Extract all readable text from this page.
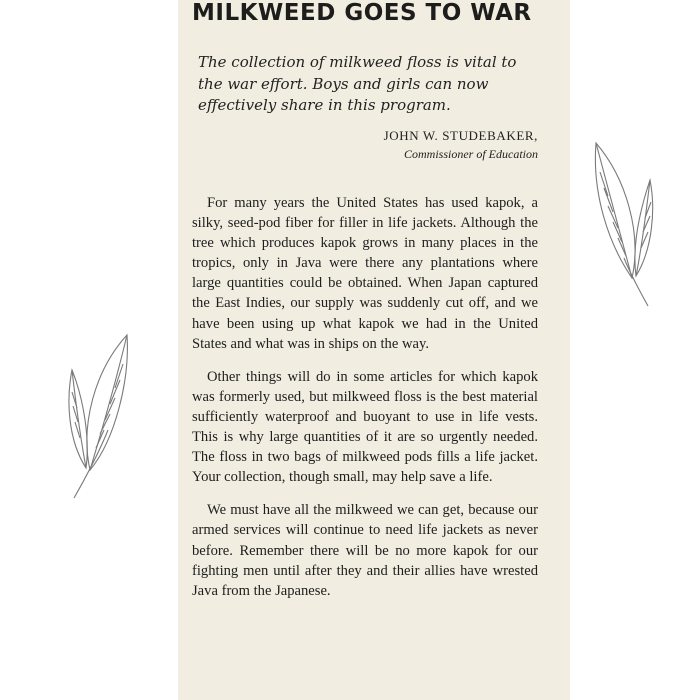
MILKWEED GOES TO WAR
The collection of milkweed floss is vital to the war effort. Boys and girls can now effectively share in this program.
JOHN W. STUDEBAKER,
Commissioner of Education

For many years the United States has used kapok, a silky, seed-pod fiber for filler in life jackets. Although the tree which produces kapok grows in many places in the tropics, only in Java were there any plantations where large quantities could be obtained. When Japan captured the East Indies, our supply was suddenly cut off, and we have been using up what kapok we had in the United States and what was in ships on the way.

Other things will do in some articles for which kapok was formerly used, but milkweed floss is the best material sufficiently waterproof and buoyant to use in life vests. This is why large quantities of it are so urgently needed. The floss in two bags of milkweed pods fills a life jacket. Your collection, though small, may help save a life.

We must have all the milkweed we can get, because our armed services will continue to need life jackets as never before. Remember there will be no more kapok for our fighting men until after they and their allies have wrested Java from the Japanese.
